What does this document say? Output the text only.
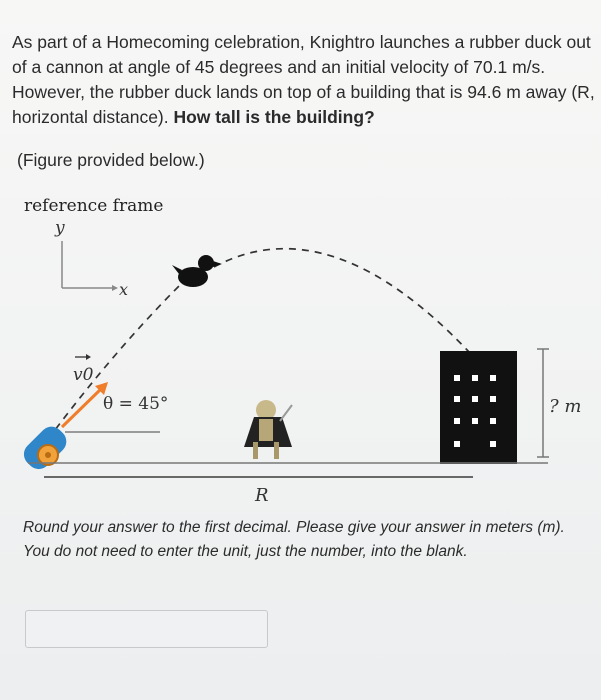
As part of a Homecoming celebration, Knightro launches a rubber duck out of a cannon at angle of 45 degrees and an initial velocity of 70.1 m/s. However, the rubber duck lands on top of a building that is 94.6 m away (R, horizontal distance). How tall is the building?
(Figure provided below.)
reference frame
y
x
v0
θ = 45°	? m
R
Round your answer to the first decimal. Please give your answer in meters (m). You do not need to enter the unit, just the number, into the blank.
